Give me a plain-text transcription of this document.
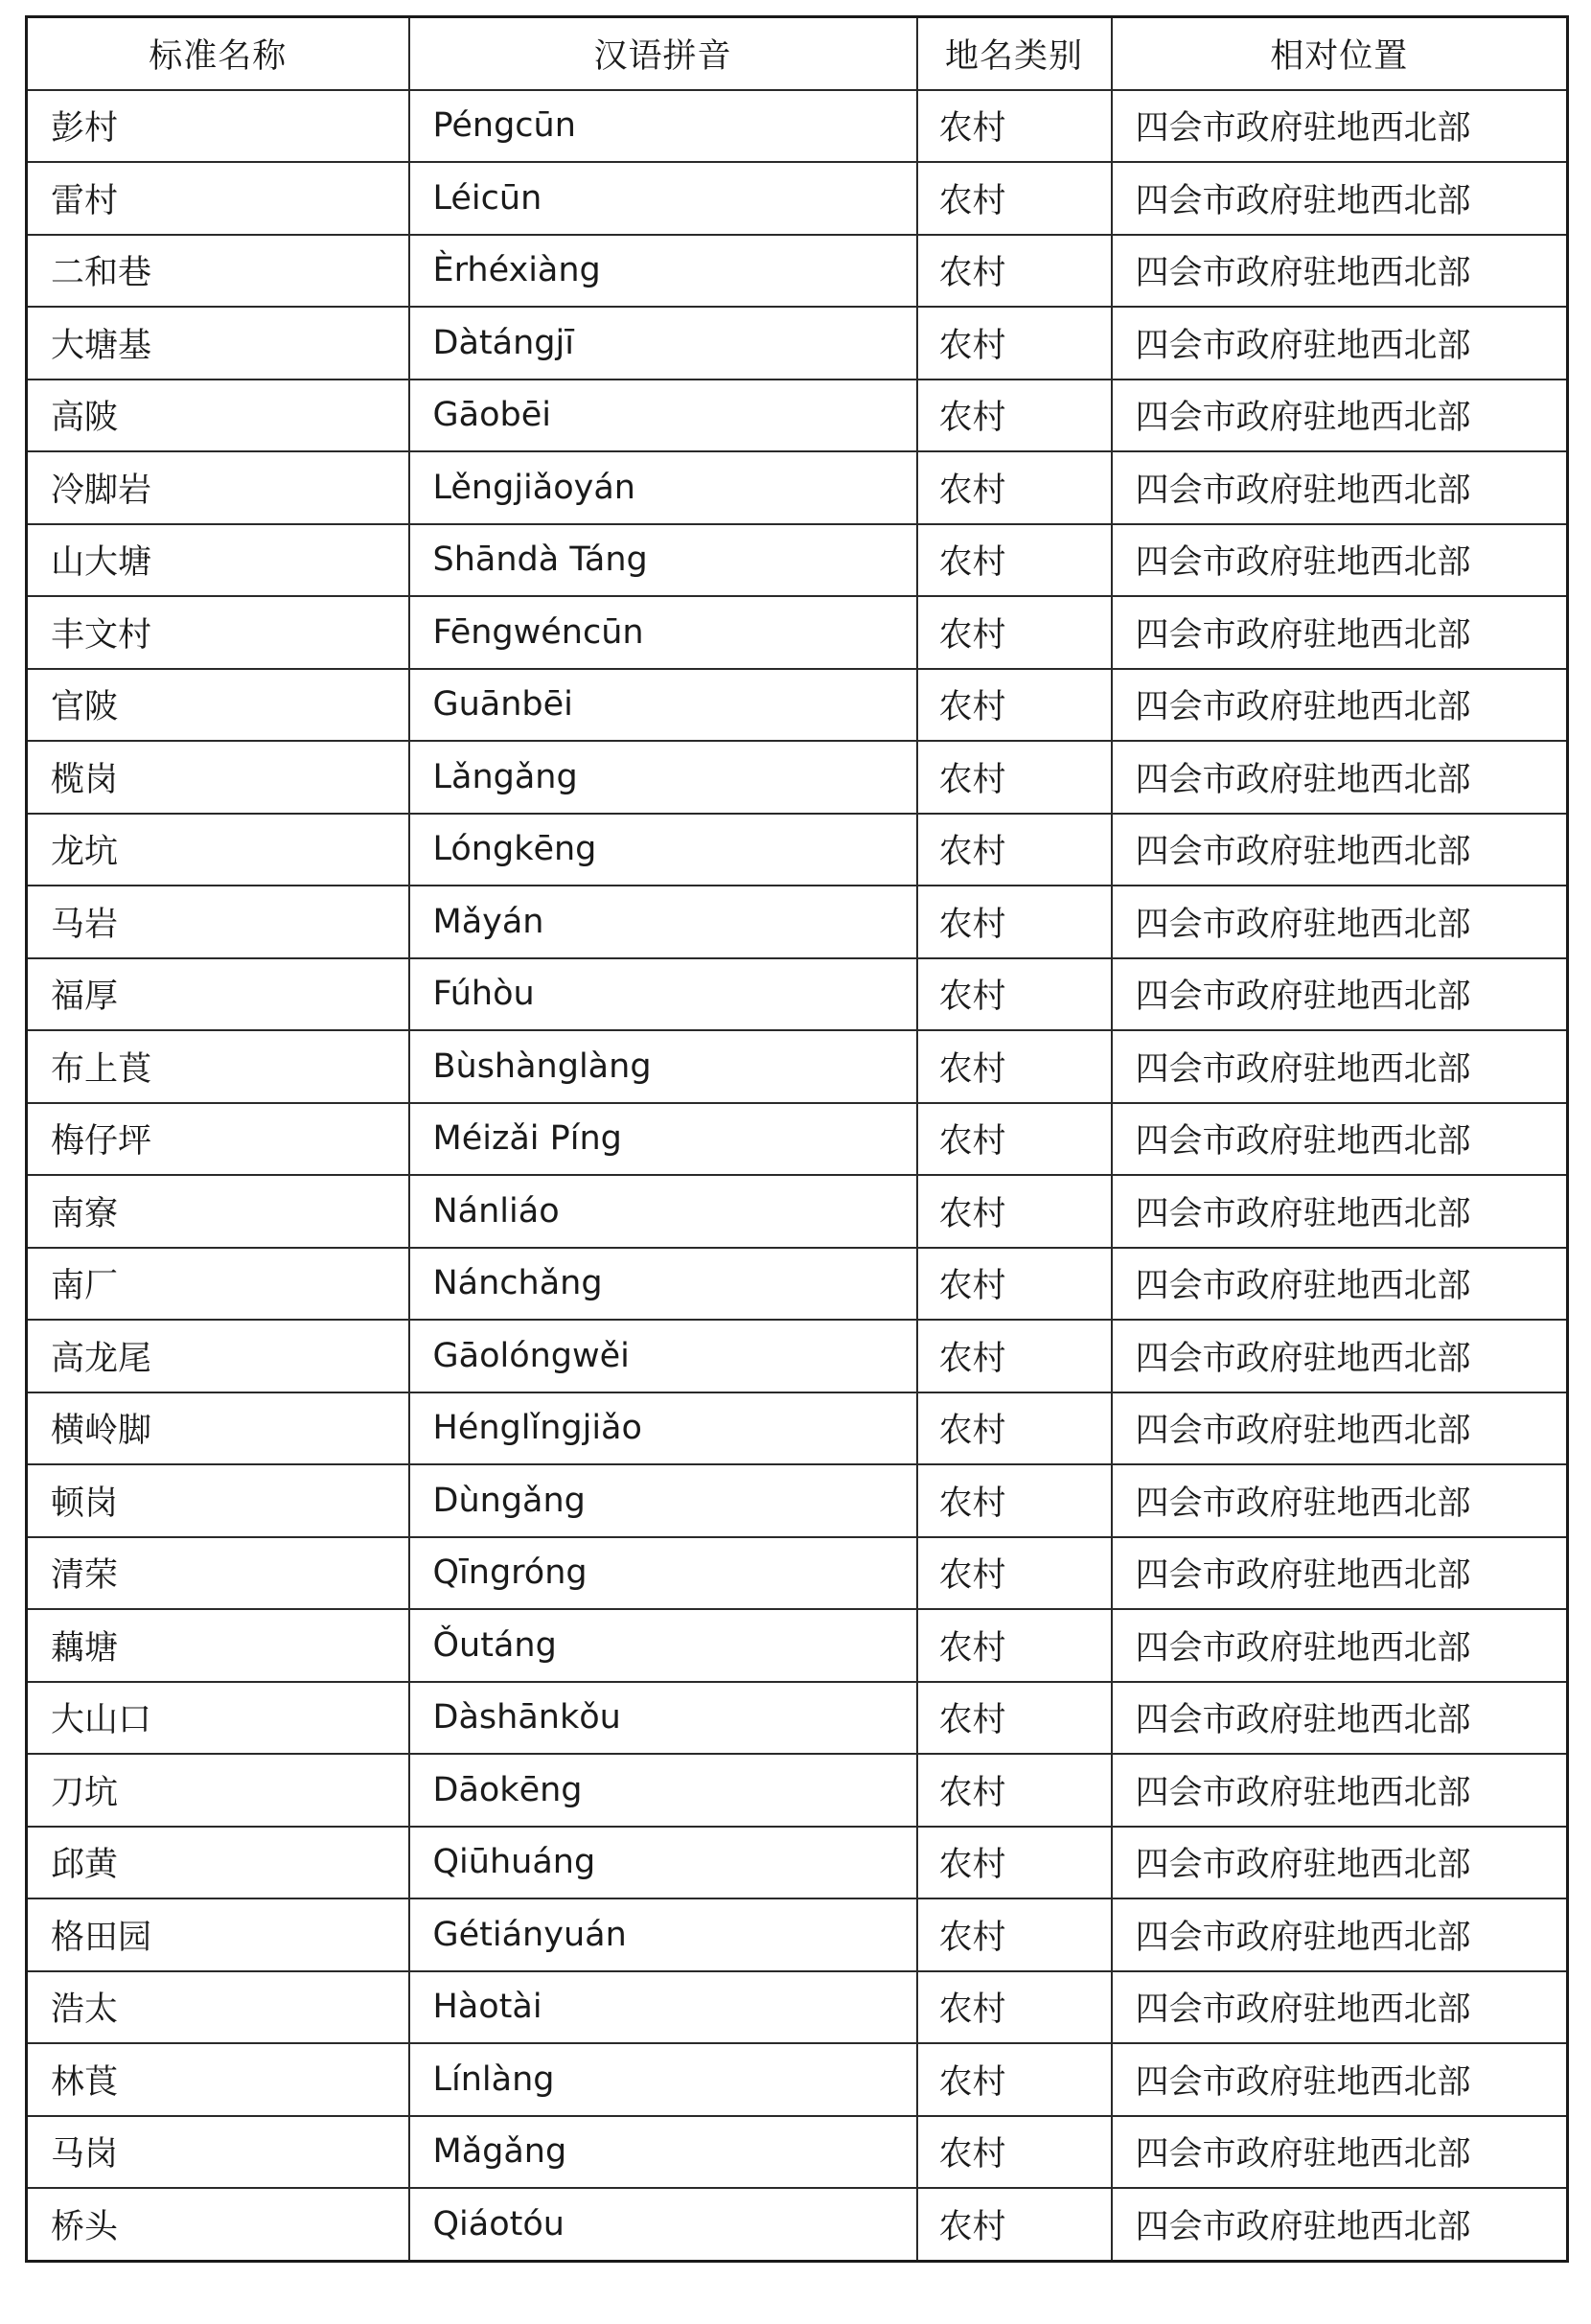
标准名称	汉语拼音	地名类别	相对位置
彭村	Péngcūn	农村	四会市政府驻地西北部
雷村	Léicūn	农村	四会市政府驻地西北部
二和巷	Èrhéxiàng	农村	四会市政府驻地西北部
大塘基	Dàtángjī	农村	四会市政府驻地西北部
高陂	Gāobēi	农村	四会市政府驻地西北部
冷脚岩	Lěngjiǎoyán	农村	四会市政府驻地西北部
山大塘	Shāndà Táng	农村	四会市政府驻地西北部
丰文村	Fēngwéncūn	农村	四会市政府驻地西北部
官陂	Guānbēi	农村	四会市政府驻地西北部
榄岗	Lǎngǎng	农村	四会市政府驻地西北部
龙坑	Lóngkēng	农村	四会市政府驻地西北部
马岩	Mǎyán	农村	四会市政府驻地西北部
福厚	Fúhòu	农村	四会市政府驻地西北部
布上莨	Bùshànglàng	农村	四会市政府驻地西北部
梅仔坪	Méizǎi Píng	农村	四会市政府驻地西北部
南寮	Nánliáo	农村	四会市政府驻地西北部
南厂	Nánchǎng	农村	四会市政府驻地西北部
高龙尾	Gāolóngwěi	农村	四会市政府驻地西北部
横岭脚	Hénglǐngjiǎo	农村	四会市政府驻地西北部
顿岗	Dùngǎng	农村	四会市政府驻地西北部
清荣	Qīngróng	农村	四会市政府驻地西北部
藕塘	Ǒutáng	农村	四会市政府驻地西北部
大山口	Dàshānkǒu	农村	四会市政府驻地西北部
刀坑	Dāokēng	农村	四会市政府驻地西北部
邱黄	Qiūhuáng	农村	四会市政府驻地西北部
格田园	Gétiányuán	农村	四会市政府驻地西北部
浩太	Hàotài	农村	四会市政府驻地西北部
林莨	Línlàng	农村	四会市政府驻地西北部
马岗	Mǎgǎng	农村	四会市政府驻地西北部
桥头	Qiáotóu	农村	四会市政府驻地西北部
